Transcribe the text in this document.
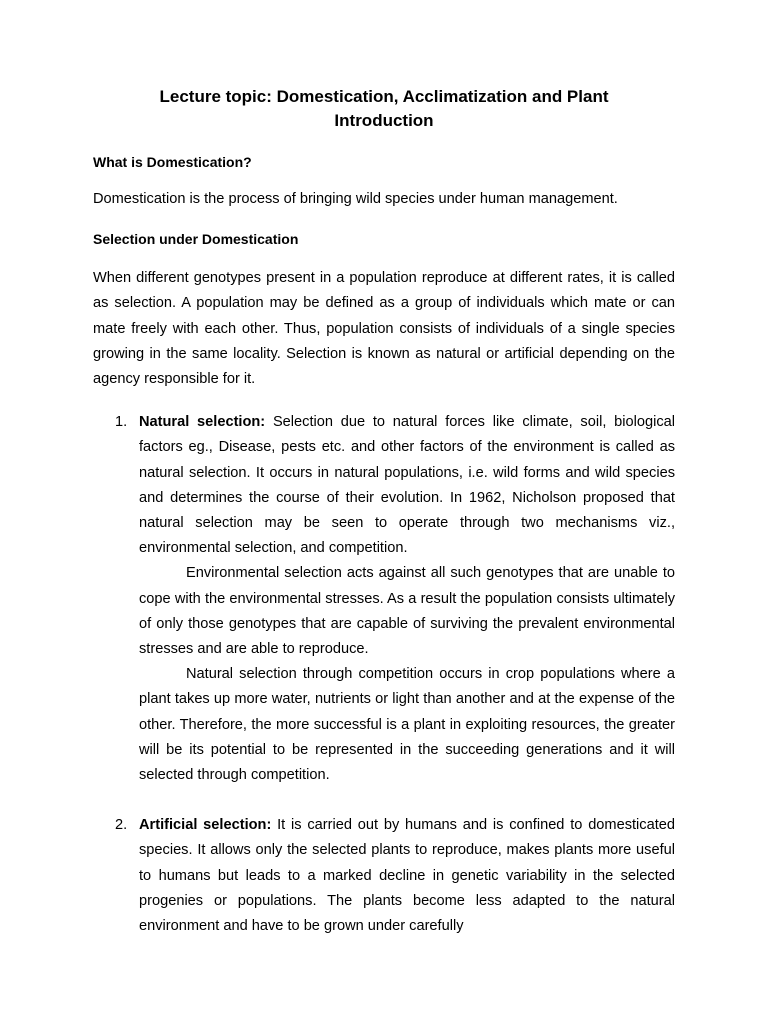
Lecture topic: Domestication, Acclimatization and Plant
Introduction

What is Domestication?

Domestication is the process of bringing wild species under human management.

Selection under Domestication

When different genotypes present in a population reproduce at different rates, it is called as selection. A population may be defined as a group of individuals which mate or can mate freely with each other. Thus, population consists of individuals of a single species growing in the same locality. Selection is known as natural or artificial depending on the agency responsible for it.

1. Natural selection: Selection due to natural forces like climate, soil, biological factors eg., Disease, pests etc. and other factors of the environment is called as natural selection. It occurs in natural populations, i.e. wild forms and wild species and determines the course of their evolution. In 1962, Nicholson proposed that natural selection may be seen to operate through two mechanisms viz., environmental selection, and competition.

Environmental selection acts against all such genotypes that are unable to cope with the environmental stresses. As a result the population consists ultimately of only those genotypes that are capable of surviving the prevalent environmental stresses and are able to reproduce.

Natural selection through competition occurs in crop populations where a plant takes up more water, nutrients or light than another and at the expense of the other. Therefore, the more successful is a plant in exploiting resources, the greater will be its potential to be represented in the succeeding generations and it will selected through competition.

2. Artificial selection: It is carried out by humans and is confined to domesticated species. It allows only the selected plants to reproduce, makes plants more useful to humans but leads to a marked decline in genetic variability in the selected progenies or populations. The plants become less adapted to the natural environment and have to be grown under carefully
